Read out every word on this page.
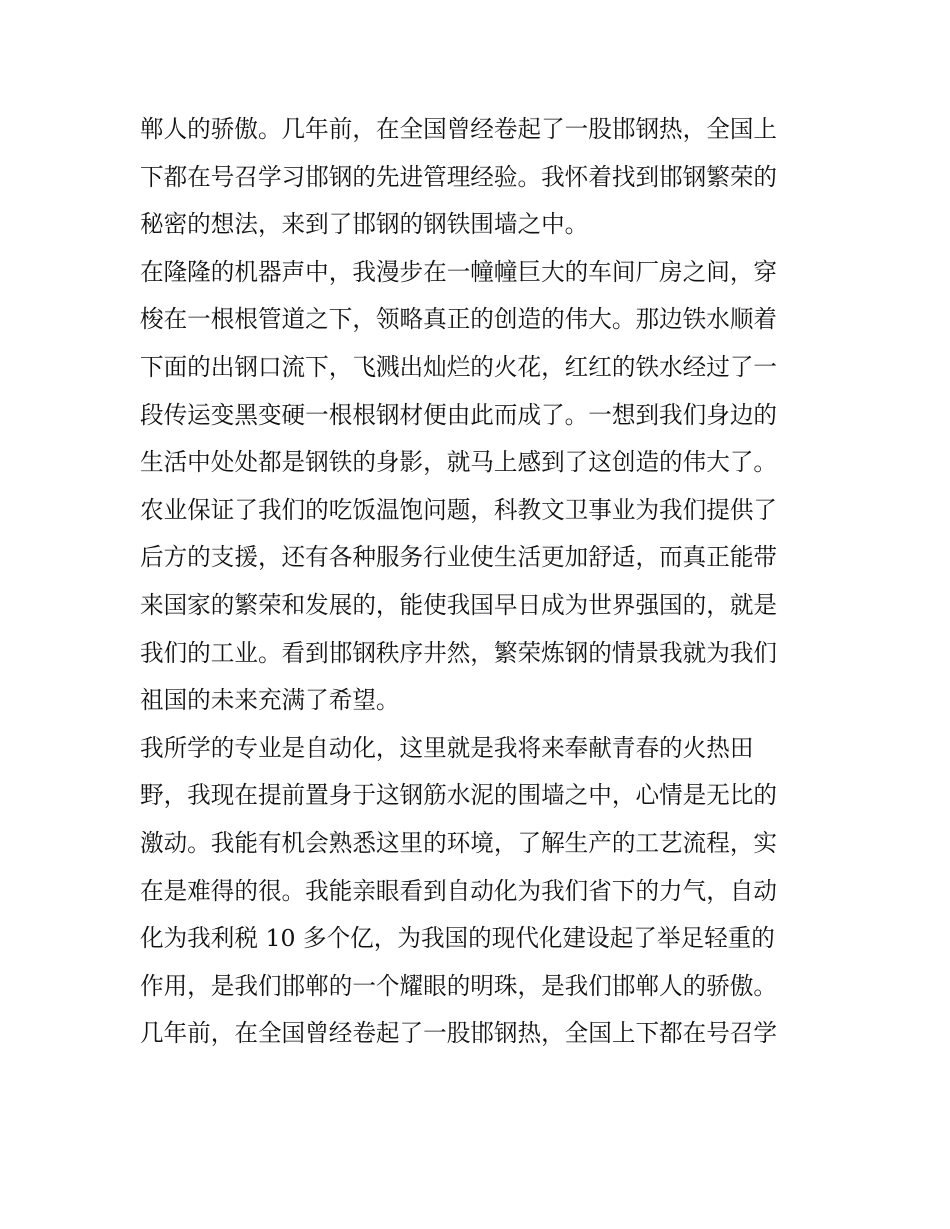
郸人的骄傲。几年前，在全国曾经卷起了一股邯钢热，全国上
下都在号召学习邯钢的先进管理经验。我怀着找到邯钢繁荣的
秘密的想法，来到了邯钢的钢铁围墙之中。
在隆隆的机器声中，我漫步在一幢幢巨大的车间厂房之间，穿
梭在一根根管道之下，领略真正的创造的伟大。那边铁水顺着
下面的出钢口流下，飞溅出灿烂的火花，红红的铁水经过了一
段传运变黑变硬一根根钢材便由此而成了。一想到我们身边的
生活中处处都是钢铁的身影，就马上感到了这创造的伟大了。
农业保证了我们的吃饭温饱问题，科教文卫事业为我们提供了
后方的支援，还有各种服务行业使生活更加舒适，而真正能带
来国家的繁荣和发展的，能使我国早日成为世界强国的，就是
我们的工业。看到邯钢秩序井然，繁荣炼钢的情景我就为我们
祖国的未来充满了希望。
我所学的专业是自动化，这里就是我将来奉献青春的火热田
野，我现在提前置身于这钢筋水泥的围墙之中，心情是无比的
激动。我能有机会熟悉这里的环境，了解生产的工艺流程，实
在是难得的很。我能亲眼看到自动化为我们省下的力气，自动
化为我利税 10 多个亿，为我国的现代化建设起了举足轻重的
作用，是我们邯郸的一个耀眼的明珠，是我们邯郸人的骄傲。
几年前，在全国曾经卷起了一股邯钢热，全国上下都在号召学
